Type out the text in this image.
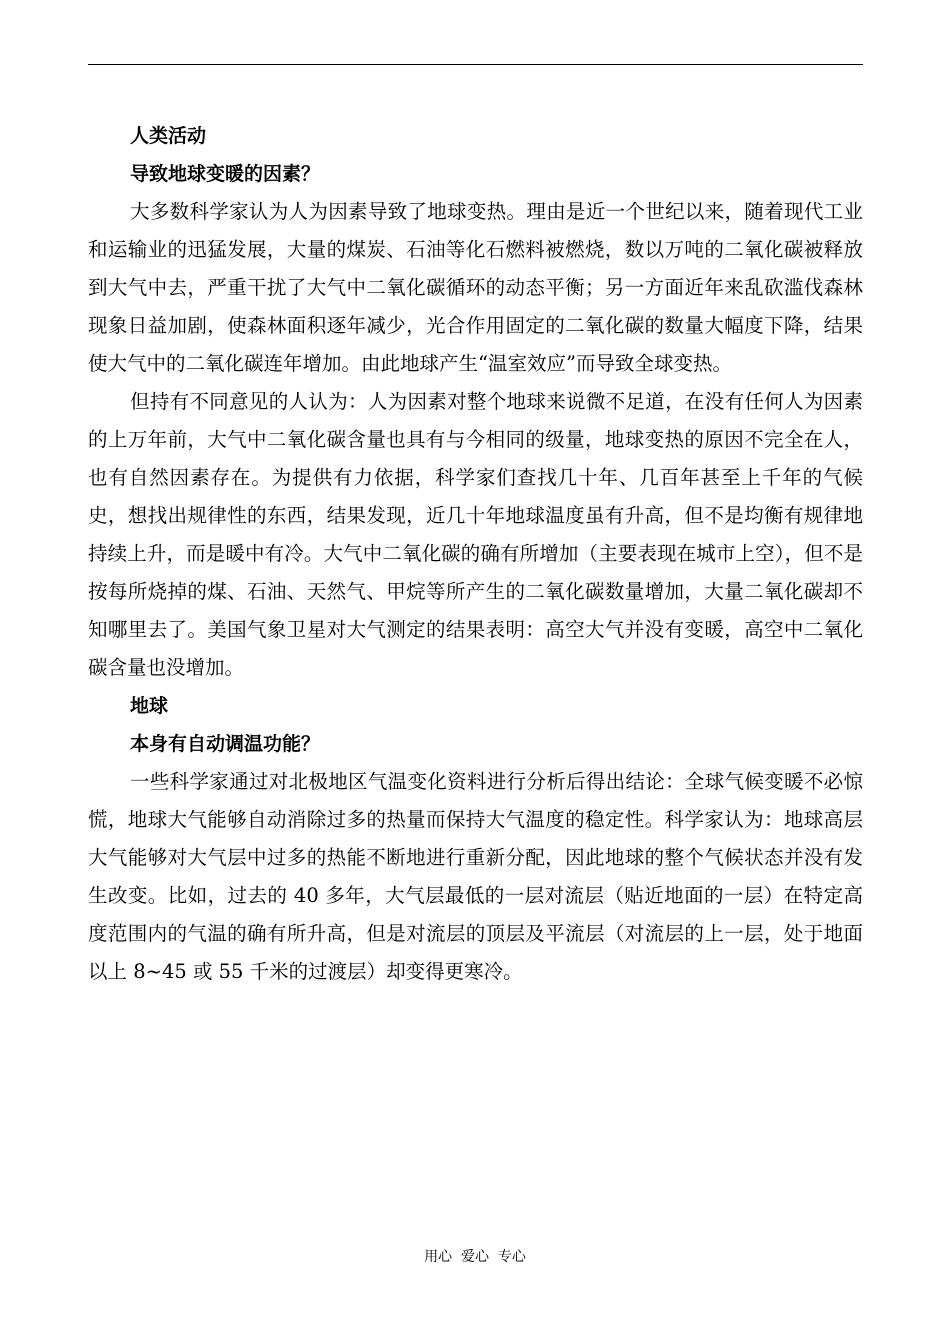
人类活动
导致地球变暖的因素？

大多数科学家认为人为因素导致了地球变热。理由是近一个世纪以来，随着现代工业和运输业的迅猛发展，大量的煤炭、石油等化石燃料被燃烧，数以万吨的二氧化碳被释放到大气中去，严重干扰了大气中二氧化碳循环的动态平衡；另一方面近年来乱砍滥伐森林现象日益加剧，使森林面积逐年减少，光合作用固定的二氧化碳的数量大幅度下降，结果使大气中的二氧化碳连年增加。由此地球产生“温室效应”而导致全球变热。

但持有不同意见的人认为：人为因素对整个地球来说微不足道，在没有任何人为因素的上万年前，大气中二氧化碳含量也具有与今相同的级量，地球变热的原因不完全在人，也有自然因素存在。为提供有力依据，科学家们查找几十年、几百年甚至上千年的气候史，想找出规律性的东西，结果发现，近几十年地球温度虽有升高，但不是均衡有规律地持续上升，而是暖中有冷。大气中二氧化碳的确有所增加（主要表现在城市上空），但不是按每所烧掉的煤、石油、天然气、甲烷等所产生的二氧化碳数量增加，大量二氧化碳却不知哪里去了。美国气象卫星对大气测定的结果表明：高空大气并没有变暖，高空中二氧化碳含量也没增加。

地球
本身有自动调温功能？

一些科学家通过对北极地区气温变化资料进行分析后得出结论：全球气候变暖不必惊慌，地球大气能够自动消除过多的热量而保持大气温度的稳定性。科学家认为：地球高层大气能够对大气层中过多的热能不断地进行重新分配，因此地球的整个气候状态并没有发生改变。比如，过去的 40 多年，大气层最低的一层对流层（贴近地面的一层）在特定高度范围内的气温的确有所升高，但是对流层的顶层及平流层（对流层的上一层，处于地面以上 8~45 或 55 千米的过渡层）却变得更寒冷。

用心  爱心  专心
